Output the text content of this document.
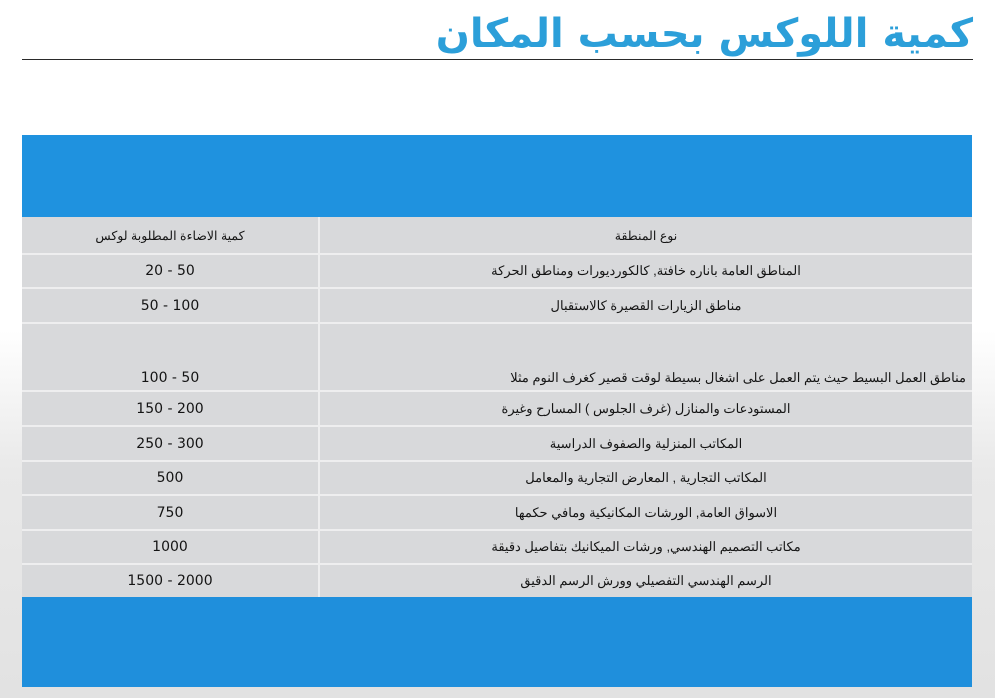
كمية اللوكس بحسب المكان
كمية الاضاءة المطلوبة لوكس	نوع المنطقة
20 - 50	المناطق العامة باناره خافتة, كالكورديورات ومناطق الحركة
50 - 100	مناطق الزيارات القصيرة كالاستقبال
100 - 50	مناطق العمل البسيط حيث يتم العمل على اشغال بسيطة لوقت قصير كغرف النوم مثلا
150 - 200	المستودعات والمنازل (غرف الجلوس ) المسارح وغيرة
250 - 300	المكاتب المنزلية والصفوف الدراسية
500	المكاتب التجارية , المعارض التجارية والمعامل
750	الاسواق العامة, الورشات المكانيكية ومافي حكمها
1000	مكاتب التصميم الهندسي, ورشات الميكانيك بتفاصيل دقيقة
1500 - 2000	الرسم الهندسي التفصيلي وورش الرسم الدقيق
